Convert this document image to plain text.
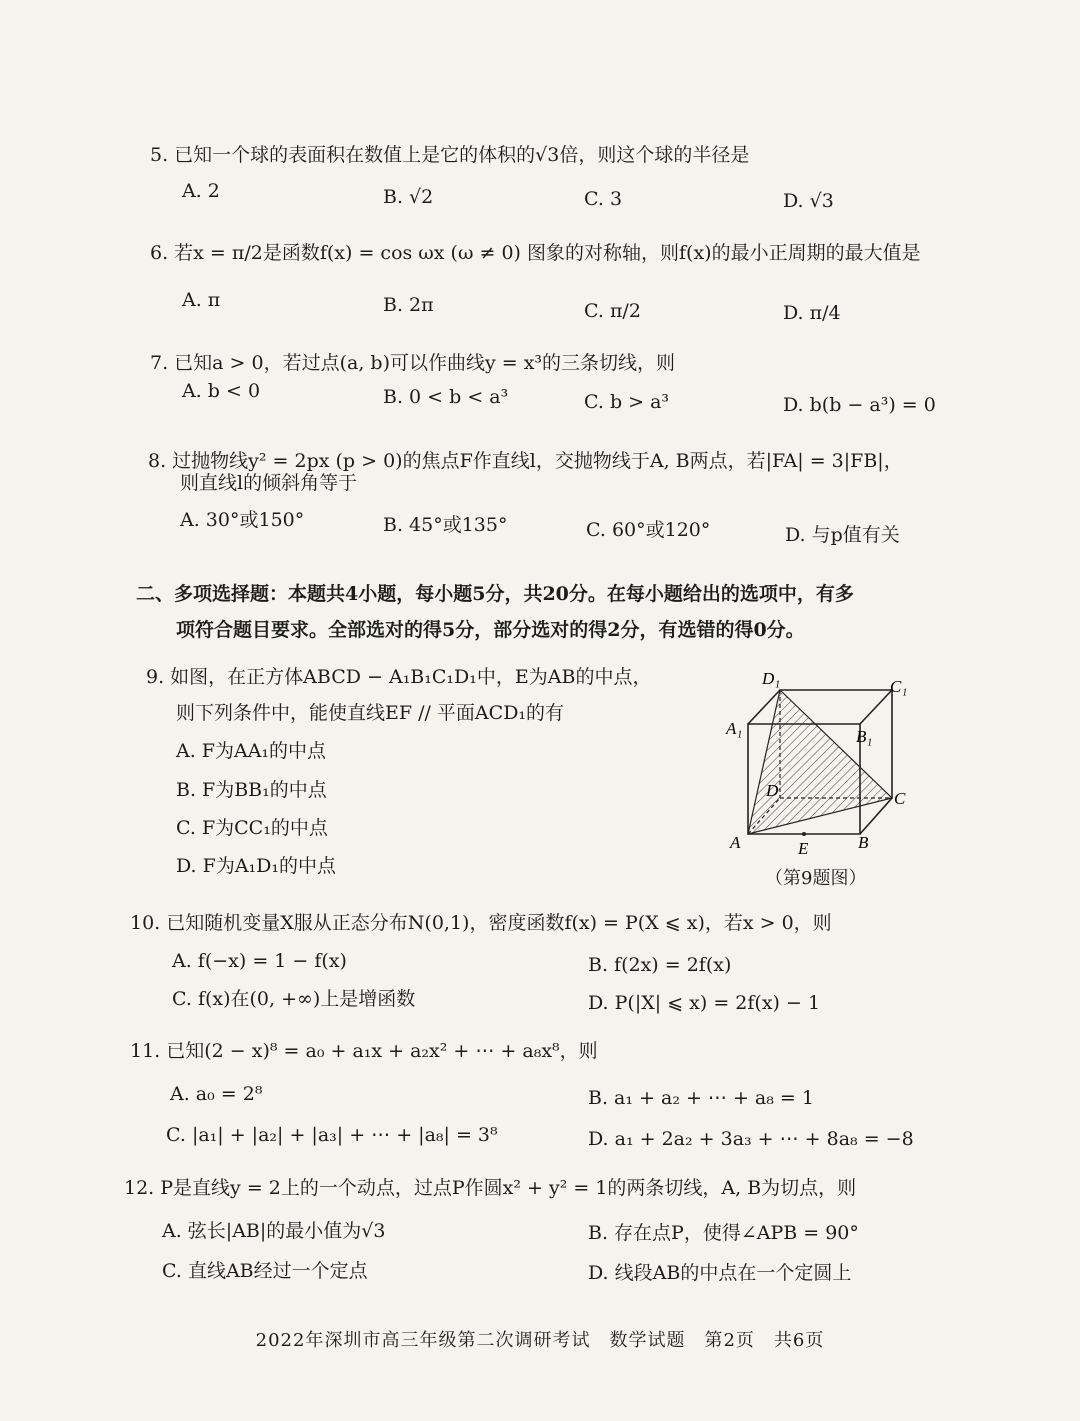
5. 已知一个球的表面积在数值上是它的体积的√3倍，则这个球的半径是
A. 2	B. √2	C. 3	D. √3
6. 若x = π/2是函数f(x) = cos ωx (ω ≠ 0) 图象的对称轴，则f(x)的最小正周期的最大值是
A. π	B. 2π	C. π/2	D. π/4
7. 已知a > 0，若过点(a, b)可以作曲线y = x³的三条切线，则
A. b < 0	B. 0 < b < a³	C. b > a³	D. b(b − a³) = 0
8. 过抛物线y² = 2px (p > 0)的焦点F作直线l，交抛物线于A, B两点，若|FA| = 3|FB|，
则直线l的倾斜角等于
A. 30°或150°	B. 45°或135°	C. 60°或120°	D. 与p值有关
二、多项选择题：本题共4小题，每小题5分，共20分。在每小题给出的选项中，有多
项符合题目要求。全部选对的得5分，部分选对的得2分，有选错的得0分。
9. 如图，在正方体ABCD − A₁B₁C₁D₁中，E为AB的中点，
则下列条件中，能使直线EF // 平面ACD₁的有
A. F为AA₁的中点
B. F为BB₁的中点
C. F为CC₁的中点
D. F为A₁D₁的中点
D₁	C₁
A₁	B₁
D	C
A	B
E
（第9题图）
10. 已知随机变量X服从正态分布N(0,1)，密度函数f(x) = P(X ⩽ x)，若x > 0，则
A. f(−x) = 1 − f(x)	B. f(2x) = 2f(x)
C. f(x)在(0, +∞)上是增函数	D. P(|X| ⩽ x) = 2f(x) − 1
11. 已知(2 − x)⁸ = a₀ + a₁x + a₂x² + ⋯ + a₈x⁸，则
A. a₀ = 2⁸	B. a₁ + a₂ + ⋯ + a₈ = 1
C. |a₁| + |a₂| + |a₃| + ⋯ + |a₈| = 3⁸	D. a₁ + 2a₂ + 3a₃ + ⋯ + 8a₈ = −8
12. P是直线y = 2上的一个动点，过点P作圆x² + y² = 1的两条切线，A, B为切点，则
A. 弦长|AB|的最小值为√3	B. 存在点P，使得∠APB = 90°
C. 直线AB经过一个定点	D. 线段AB的中点在一个定圆上
2022年深圳市高三年级第二次调研考试　数学试题　第2页　共6页
